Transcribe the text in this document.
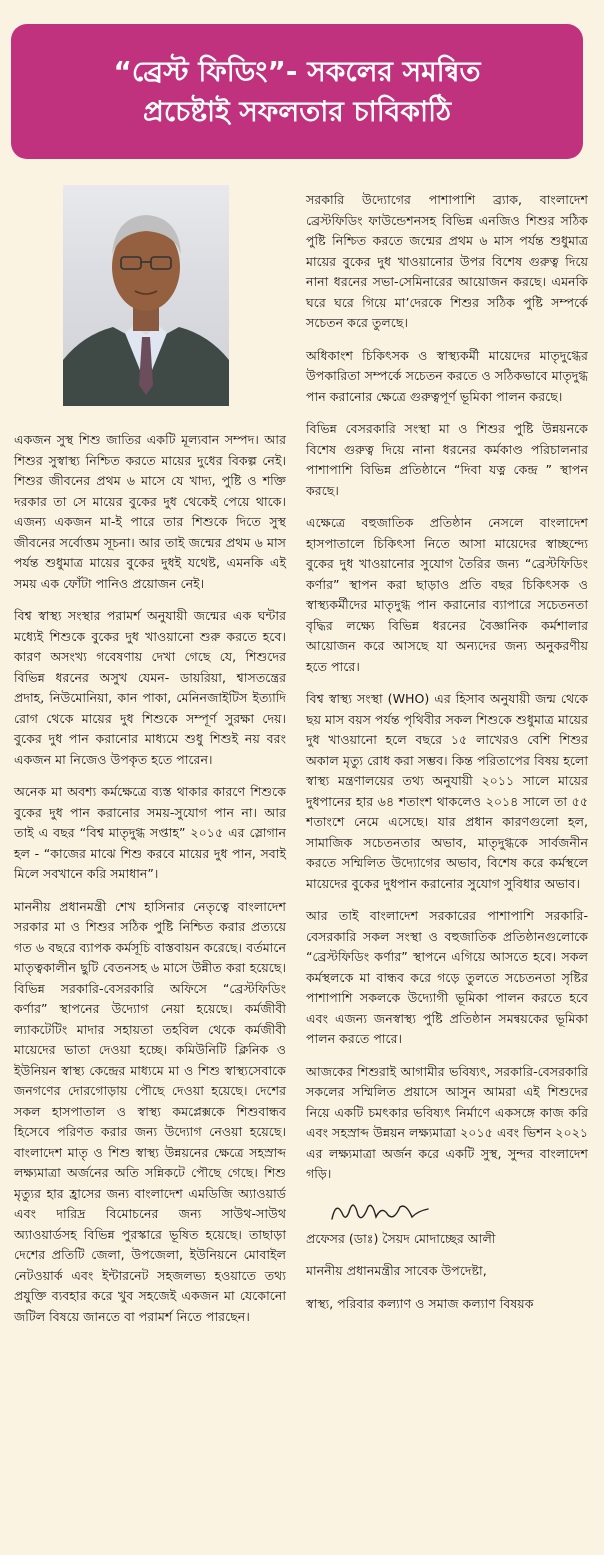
“ব্রেস্ট ফিডিং”- সকলের সমন্বিত
প্রচেষ্টাই সফলতার চাবিকাঠি

একজন সুস্থ শিশু জাতির একটি মূল্যবান সম্পদ। আর শিশুর সুস্বাস্থ্য নিশ্চিত করতে মায়ের দুধের বিকল্প নেই। শিশুর জীবনের প্রথম ৬ মাসে যে খাদ্য, পুষ্টি ও শক্তি দরকার তা সে মায়ের বুকের দুধ থেকেই পেয়ে থাকে। এজন্য একজন মা-ই পারে তার শিশুকে দিতে সুস্থ জীবনের সর্বোত্তম সূচনা। আর তাই জন্মের প্রথম ৬ মাস পর্যন্ত শুধুমাত্র মায়ের বুকের দুধই যথেষ্ট, এমনকি এই সময় এক ফোঁটা পানিও প্রয়োজন নেই।

বিশ্ব স্বাস্থ্য সংস্থার পরামর্শ অনুযায়ী জন্মের এক ঘন্টার মধ্যেই শিশুকে বুকের দুধ খাওয়ানো শুরু করতে হবে। কারণ অসংখ্য গবেষণায় দেখা গেছে যে, শিশুদের বিভিন্ন ধরনের অসুখ যেমন- ডায়রিয়া, শ্বাসতন্ত্রের প্রদাহ, নিউমোনিয়া, কান পাকা, মেনিনজাইটিস ইত্যাদি রোগ থেকে মায়ের দুধ শিশুকে সম্পূর্ণ সুরক্ষা দেয়। বুকের দুধ পান করানোর মাধ্যমে শুধু শিশুই নয় বরং একজন মা নিজেও উপকৃত হতে পারেন।

অনেক মা অবশ্য কর্মক্ষেত্রে ব্যস্ত থাকার কারণে শিশুকে বুকের দুধ পান করানোর সময়-সুযোগ পান না। আর তাই এ বছর “বিশ্ব মাতৃদুগ্ধ সপ্তাহ” ২০১৫ এর স্লোগান হল - “কাজের মাঝে শিশু করবে মায়ের দুধ পান, সবাই মিলে সবখানে করি সমাধান”।

মাননীয় প্রধানমন্ত্রী শেখ হাসিনার নেতৃত্বে বাংলাদেশ সরকার মা ও শিশুর সঠিক পুষ্টি নিশ্চিত করার প্রত্যয়ে গত ৬ বছরে ব্যাপক কর্মসূচি বাস্তবায়ন করেছে। বর্তমানে মাতৃত্বকালীন ছুটি বেতনসহ ৬ মাসে উন্নীত করা হয়েছে। বিভিন্ন সরকারি-বেসরকারি অফিসে “ব্রেস্টফিডিং কর্ণার” স্থাপনের উদ্যোগ নেয়া হয়েছে। কর্মজীবী ল্যাকটেটিং মাদার সহায়তা তহবিল থেকে কর্মজীবী মায়েদের ভাতা দেওয়া হচ্ছে। কমিউনিটি ক্লিনিক ও ইউনিয়ন স্বাস্থ্য কেন্দ্রের মাধ্যমে মা ও শিশু স্বাস্থ্যসেবাকে জনগণের দোরগোড়ায় পৌছে দেওয়া হয়েছে। দেশের সকল হাসপাতাল ও স্বাস্থ্য কমপ্লেক্সকে শিশুবান্ধব হিসেবে পরিণত করার জন্য উদ্যোগ নেওয়া হয়েছে। বাংলাদেশ মাতৃ ও শিশু স্বাস্থ্য উন্নয়নের ক্ষেত্রে সহস্রাব্দ লক্ষ্যমাত্রা অর্জনের অতি সন্নিকটে পৌছে গেছে। শিশু মৃত্যুর হার হ্রাসের জন্য বাংলাদেশ এমডিজি অ্যাওয়ার্ড এবং দারিদ্র বিমোচনের জন্য সাউথ-সাউথ অ্যাওয়ার্ডসহ বিভিন্ন পুরস্কারে ভূষিত হয়েছে। তাছাড়া দেশের প্রতিটি জেলা, উপজেলা, ইউনিয়নে মোবাইল নেটওয়ার্ক এবং ইন্টারনেট সহজলভ্য হওয়াতে তথ্য প্রযুক্তি ব্যবহার করে খুব সহজেই একজন মা যেকোনো জটিল বিষয়ে জানতে বা পরামর্শ নিতে পারছেন।

সরকারি উদ্যোগের পাশাপাশি ব্র্যাক, বাংলাদেশ ব্রেস্টফিডিং ফাউন্ডেশনসহ বিভিন্ন এনজিও শিশুর সঠিক পুষ্টি নিশ্চিত করতে জন্মের প্রথম ৬ মাস পর্যন্ত শুধুমাত্র মায়ের বুকের দুধ খাওয়ানোর উপর বিশেষ গুরুত্ব দিয়ে নানা ধরনের সভা-সেমিনারের আয়োজন করছে। এমনকি ঘরে ঘরে গিয়ে মা’দেরকে শিশুর সঠিক পুষ্টি সম্পর্কে সচেতন করে তুলছে।

অধিকাংশ চিকিৎসক ও স্বাস্থ্যকর্মী মায়েদের মাতৃদুগ্ধের উপকারিতা সম্পর্কে সচেতন করতে ও সঠিকভাবে মাতৃদুগ্ধ পান করানোর ক্ষেত্রে গুরুত্বপূর্ণ ভূমিকা পালন করছে।

বিভিন্ন বেসরকারি সংস্থা মা ও শিশুর পুষ্টি উন্নয়নকে বিশেষ গুরুত্ব দিয়ে নানা ধরনের কর্মকাণ্ড পরিচালনার পাশাপাশি বিভিন্ন প্রতিষ্ঠানে “দিবা যত্ন কেন্দ্র ” স্থাপন করছে।

এক্ষেত্রে বহুজাতিক প্রতিষ্ঠান নেসলে বাংলাদেশ হাসপাতালে চিকিৎসা নিতে আসা মায়েদের স্বাচ্ছন্দ্যে বুকের দুধ খাওয়ানোর সুযোগ তৈরির জন্য “ব্রেস্টফিডিং কর্ণার” স্থাপন করা ছাড়াও প্রতি বছর চিকিৎসক ও স্বাস্থ্যকর্মীদের মাতৃদুগ্ধ পান করানোর ব্যাপারে সচেতনতা বৃদ্ধির লক্ষ্যে বিভিন্ন ধরনের বৈজ্ঞানিক কর্মশালার আয়োজন করে আসছে যা অন্যদের জন্য অনুকরণীয় হতে পারে।

বিশ্ব স্বাস্থ্য সংস্থা (WHO) এর হিসাব অনুযায়ী জন্ম থেকে ছয় মাস বয়স পর্যন্ত পৃথিবীর সকল শিশুকে শুধুমাত্র মায়ের দুধ খাওয়ানো হলে বছরে ১৫ লাখেরও বেশি শিশুর অকাল মৃত্যু রোধ করা সম্ভব। কিন্ত পরিতাপের বিষয় হলো স্বাস্থ্য মন্ত্রণালয়ের তথ্য অনুযায়ী ২০১১ সালে মায়ের দুধপানের হার ৬৪ শতাংশ থাকলেও ২০১৪ সালে তা ৫৫ শতাংশে নেমে এসেছে। যার প্রধান কারণগুলো হল, সামাজিক সচেতনতার অভাব, মাতৃদুগ্ধকে সার্বজনীন করতে সম্মিলিত উদ্যোগের অভাব, বিশেষ করে কর্মস্থলে মায়েদের বুকের দুধপান করানোর সুযোগ সুবিধার অভাব।

আর তাই বাংলাদেশ সরকারের পাশাপাশি সরকারি-বেসরকারি সকল সংস্থা ও বহুজাতিক প্রতিষ্ঠানগুলোকে “ব্রেস্টফিডিং কর্ণার” স্থাপনে এগিয়ে আসতে হবে। সকল কর্মস্থলকে মা বান্ধব করে গড়ে তুলতে সচেতনতা সৃষ্টির পাশাপাশি সকলকে উদ্যোগী ভূমিকা পালন করতে হবে এবং এজন্য জনস্বাস্থ্য পুষ্টি প্রতিষ্ঠান সমন্বয়কের ভূমিকা পালন করতে পারে।

আজকের শিশুরাই আগামীর ভবিষ্যৎ, সরকারি-বেসরকারি সকলের সম্মিলিত প্রয়াসে আসুন আমরা এই শিশুদের নিয়ে একটি চমৎকার ভবিষ্যৎ নির্মাণে একসঙ্গে কাজ করি এবং সহস্রাব্দ উন্নয়ন লক্ষ্যমাত্রা ২০১৫ এবং ভিশন ২০২১ এর লক্ষ্যমাত্রা অর্জন করে একটি সুস্থ, সুন্দর বাংলাদেশ গড়ি।

প্রফেসর (ডাঃ) সৈয়দ মোদাচ্ছের আলী

মাননীয় প্রধানমন্ত্রীর সাবেক উপদেষ্টা,

স্বাস্থ্য, পরিবার কল্যাণ ও সমাজ কল্যাণ বিষয়ক
